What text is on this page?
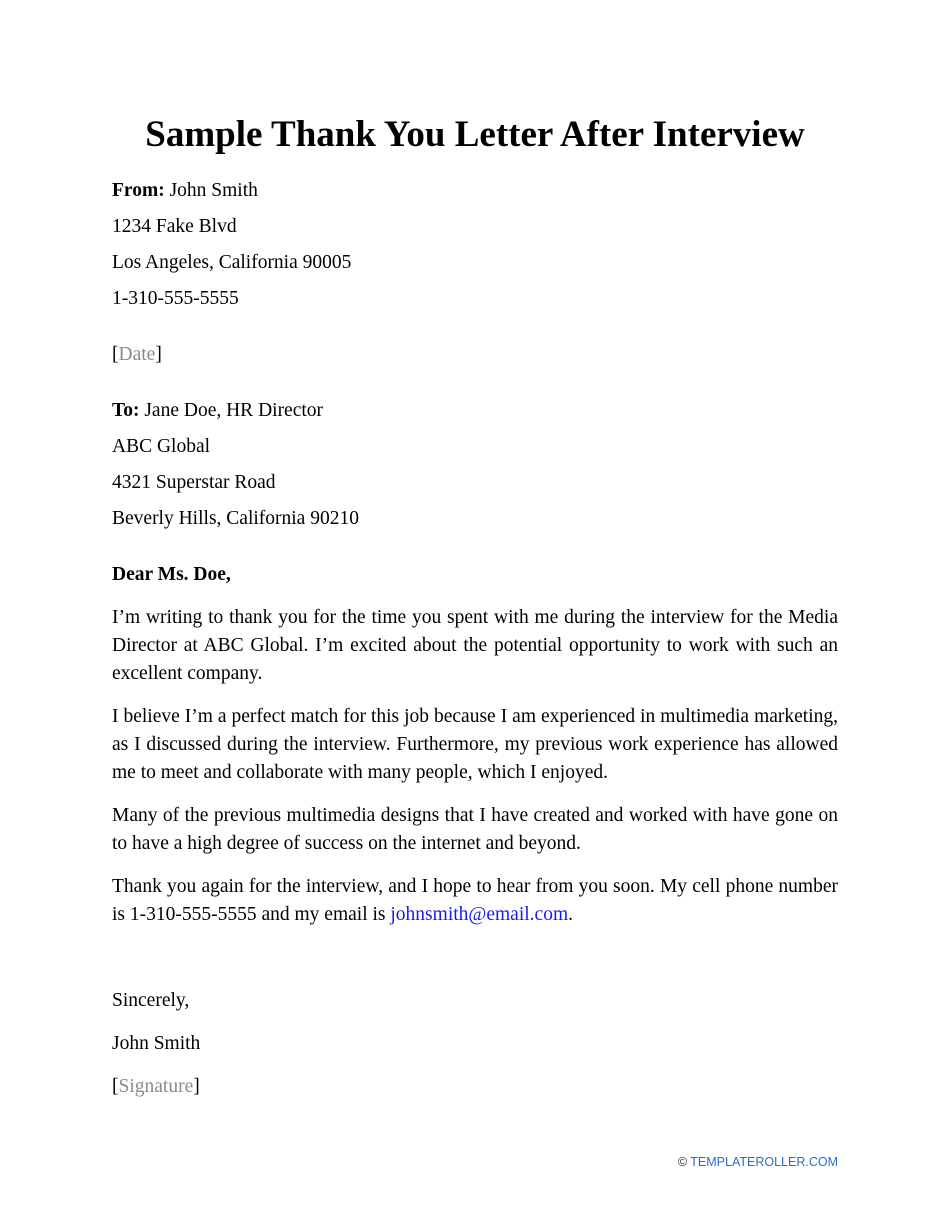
Sample Thank You Letter After Interview
From: John Smith
1234 Fake Blvd
Los Angeles, California 90005
1-310-555-5555
[Date]
To: Jane Doe, HR Director
ABC Global
4321 Superstar Road
Beverly Hills, California 90210
Dear Ms. Doe,

I’m writing to thank you for the time you spent with me during the interview for the Media Director at ABC Global. I’m excited about the potential opportunity to work with such an excellent company.

I believe I’m a perfect match for this job because I am experienced in multimedia marketing, as I discussed during the interview. Furthermore, my previous work experience has allowed me to meet and collaborate with many people, which I enjoyed.

Many of the previous multimedia designs that I have created and worked with have gone on to have a high degree of success on the internet and beyond.

Thank you again for the interview, and I hope to hear from you soon. My cell phone number is 1-310-555-5555 and my email is johnsmith@email.com.

Sincerely,
John Smith
[Signature]
© TEMPLATEROLLER.COM
